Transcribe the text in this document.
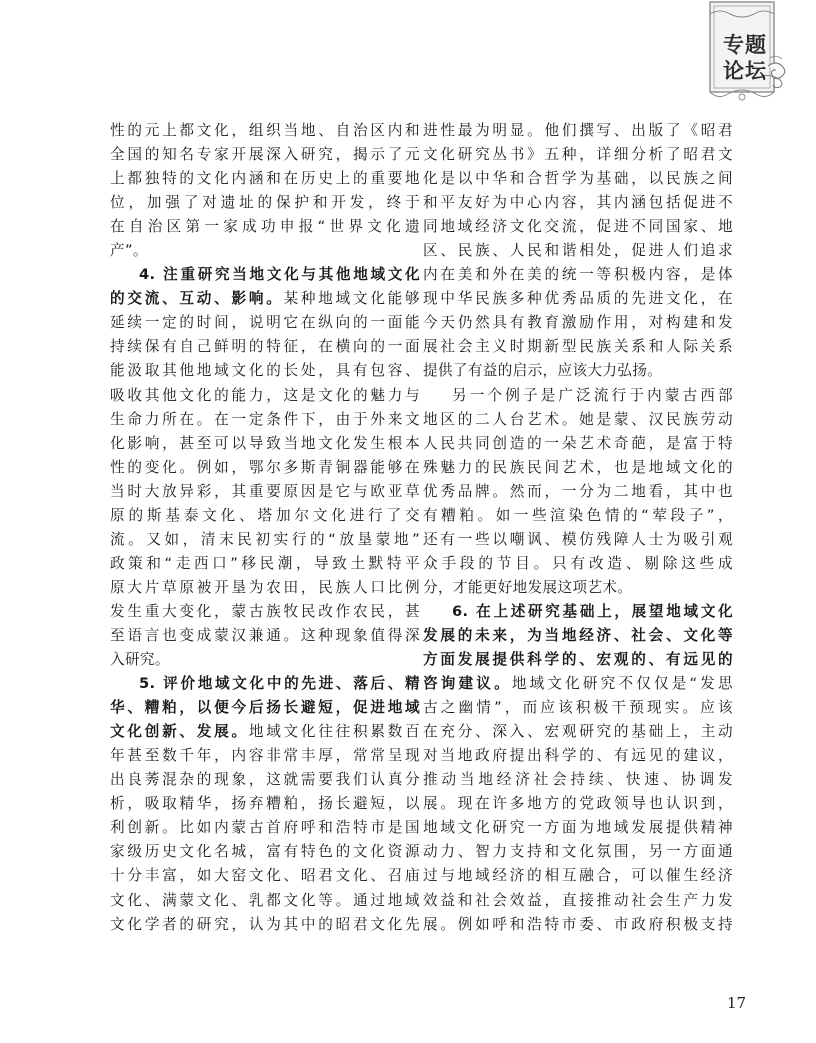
专题
论坛
性的元上都文化，组织当地、自治区内和
全国的知名专家开展深入研究，揭示了元
上都独特的文化内涵和在历史上的重要地
位，加强了对遗址的保护和开发，终于
在自治区第一家成功申报“世界文化遗
产”。
4. 注重研究当地文化与其他地域文化
的交流、互动、影响。某种地域文化能够
延续一定的时间，说明它在纵向的一面能
持续保有自己鲜明的特征，在横向的一面
能汲取其他地域文化的长处，具有包容、
吸收其他文化的能力，这是文化的魅力与
生命力所在。在一定条件下，由于外来文
化影响，甚至可以导致当地文化发生根本
性的变化。例如，鄂尔多斯青铜器能够在
当时大放异彩，其重要原因是它与欧亚草
原的斯基泰文化、塔加尔文化进行了交
流。又如，清末民初实行的“放垦蒙地”
政策和“走西口”移民潮，导致土默特平
原大片草原被开垦为农田，民族人口比例
发生重大变化，蒙古族牧民改作农民，甚
至语言也变成蒙汉兼通。这种现象值得深
入研究。
5. 评价地域文化中的先进、落后、精
华、糟粕，以便今后扬长避短，促进地域
文化创新、发展。地域文化往往积累数百
年甚至数千年，内容非常丰厚，常常呈现
出良莠混杂的现象，这就需要我们认真分
析，吸取精华，扬弃糟粕，扬长避短，以
利创新。比如内蒙古首府呼和浩特市是国
家级历史文化名城，富有特色的文化资源
十分丰富，如大窑文化、昭君文化、召庙
文化、满蒙文化、乳都文化等。通过地域
文化学者的研究，认为其中的昭君文化先
进性最为明显。他们撰写、出版了《昭君
文化研究丛书》五种，详细分析了昭君文
化是以中华和合哲学为基础，以民族之间
和平友好为中心内容，其内涵包括促进不
同地域经济文化交流，促进不同国家、地
区、民族、人民和谐相处，促进人们追求
内在美和外在美的统一等积极内容，是体
现中华民族多种优秀品质的先进文化，在
今天仍然具有教育激励作用，对构建和发
展社会主义时期新型民族关系和人际关系
提供了有益的启示，应该大力弘扬。
另一个例子是广泛流行于内蒙古西部
地区的二人台艺术。她是蒙、汉民族劳动
人民共同创造的一朵艺术奇葩，是富于特
殊魅力的民族民间艺术，也是地域文化的
优秀品牌。然而，一分为二地看，其中也
有糟粕。如一些渲染色情的“荤段子”，
还有一些以嘲讽、模仿残障人士为吸引观
众手段的节目。只有改造、剔除这些成
分，才能更好地发展这项艺术。
6. 在上述研究基础上，展望地域文化
发展的未来，为当地经济、社会、文化等
方面发展提供科学的、宏观的、有远见的
咨询建议。地域文化研究不仅仅是“发思
古之幽情”，而应该积极干预现实。应该
在充分、深入、宏观研究的基础上，主动
对当地政府提出科学的、有远见的建议，
推动当地经济社会持续、快速、协调发
展。现在许多地方的党政领导也认识到，
地域文化研究一方面为地域发展提供精神
动力、智力支持和文化氛围，另一方面通
过与地域经济的相互融合，可以催生经济
效益和社会效益，直接推动社会生产力发
展。例如呼和浩特市委、市政府积极支持
17
